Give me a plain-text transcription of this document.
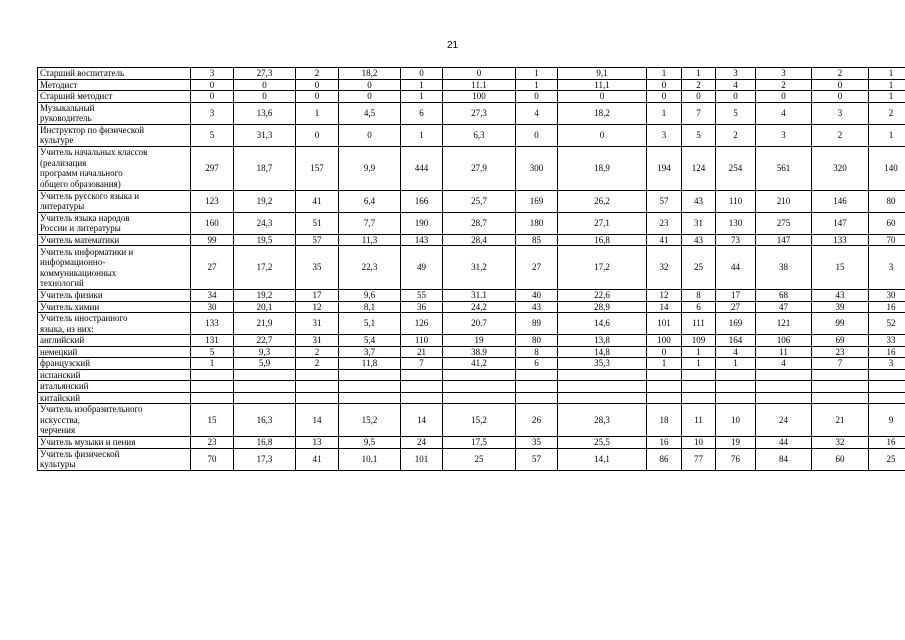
21
Старший воспитатель	3	27,3	2	18,2	0	0	1	9,1	1	1	3	3	2	1
Методист	0	0	0	0	1	11.1	1	11,1	0	2	4	2	0	1
Старший методист	0	0	0	0	1	100	0	0	0	0	0	0	0	1
Музыкальный
руководитель	3	13,6	1	4,5	6	27,3	4	18,2	1	7	5	4	3	2
Инструктор по физической
культуре	5	31,3	0	0	1	6,3	0	0	3	5	2	3	2	1
Учитель начальных классов
(реализация
программ начального
общего образования)	297	18,7	157	9,9	444	27,9	300	18,9	194	124	254	561	320	140
Учитель русского языка и
литературы	123	19,2	41	6,4	166	25,7	169	26,2	57	43	110	210	146	80
Учитель языка народов
России и литературы	160	24,3	51	7,7	190	28,7	180	27,1	23	31	130	275	147	60
Учитель математики	99	19,5	57	11,3	143	28,4	85	16,8	41	43	73	147	133	70
Учитель информатики и
информационно-
коммуникационных
технологий	27	17,2	35	22,3	49	31,2	27	17,2	32	25	44	38	15	3
Учитель физики	34	19,2	17	9,6	55	31.1	40	22,6	12	8	17	68	43	30
Учитель химии	30	20,1	12	8,1	36	24,2	43	28,9	14	6	27	47	39	16
Учитель иностранного
языка, из них:	133	21,9	31	5,1	126	20.7	89	14,6	101	111	169	121	99	52
английский	131	22,7	31	5,4	110	19	80	13,8	100	109	164	106	69	33
немецкий	5	9,3	2	3,7	21	38.9	8	14,8	0	1	4	11	23	16
французский	1	5,9	2	11,8	7	41,2	6	35,3	1	1	1	4	7	3
испанский														
итальянский														
китайский														
Учитель изобразительного
искусства,
черчения	15	16,3	14	15,2	14	15,2	26	28,3	18	11	10	24	21	9
Учитель музыки и пения	23	16,8	13	9,5	24	17,5	35	25,5	16	10	19	44	32	16
Учитель физической
культуры	70	17,3	41	10.1	101	25	57	14,1	86	77	76	84	60	25
